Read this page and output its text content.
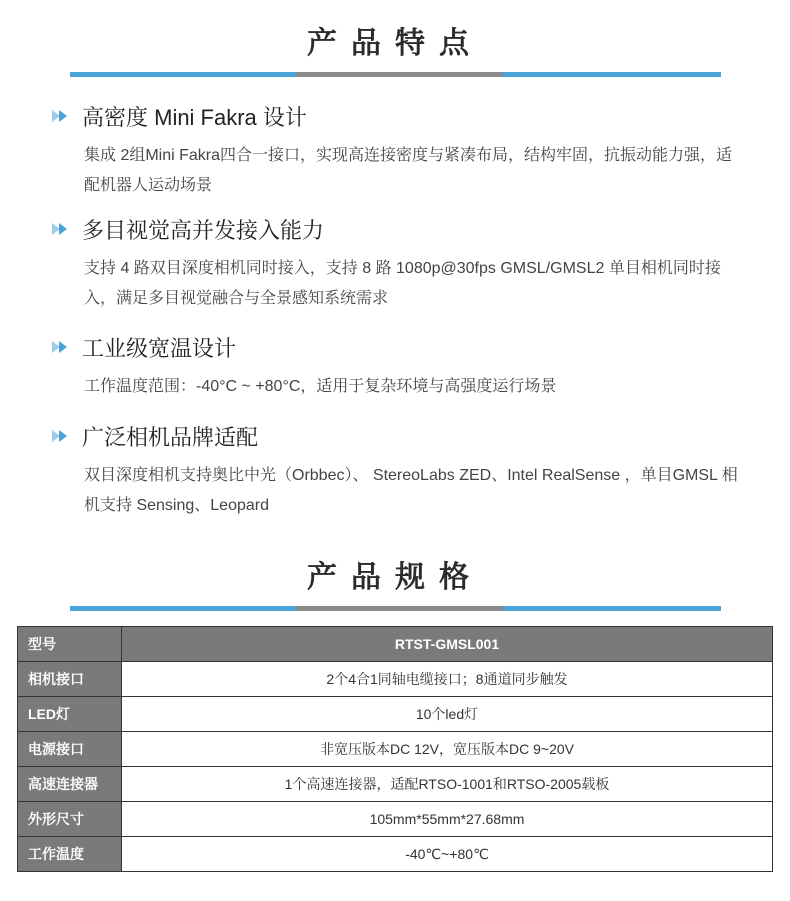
产品特点
高密度 Mini Fakra 设计
集成 2组Mini Fakra四合一接口，实现高连接密度与紧凑布局，结构牢固，抗振动能力强，适配机器人运动场景
多目视觉高并发接入能力
支持 4 路双目深度相机同时接入，支持 8 路 1080p@30fps GMSL/GMSL2 单目相机同时接入，满足多目视觉融合与全景感知系统需求
工业级宽温设计
工作温度范围：-40°C ~ +80°C，适用于复杂环境与高强度运行场景
广泛相机品牌适配
双目深度相机支持奥比中光（Orbbec）、 StereoLabs ZED、Intel RealSense ，单目GMSL 相机支持 Sensing、Leopard
产品规格
型号	RTST-GMSL001
相机接口	2个4合1同轴电缆接口；8通道同步触发
LED灯	10个led灯
电源接口	非宽压版本DC 12V，宽压版本DC 9~20V
高速连接器	1个高速连接器，适配RTSO-1001和RTSO-2005载板
外形尺寸	105mm*55mm*27.68mm
工作温度	-40℃~+80℃
